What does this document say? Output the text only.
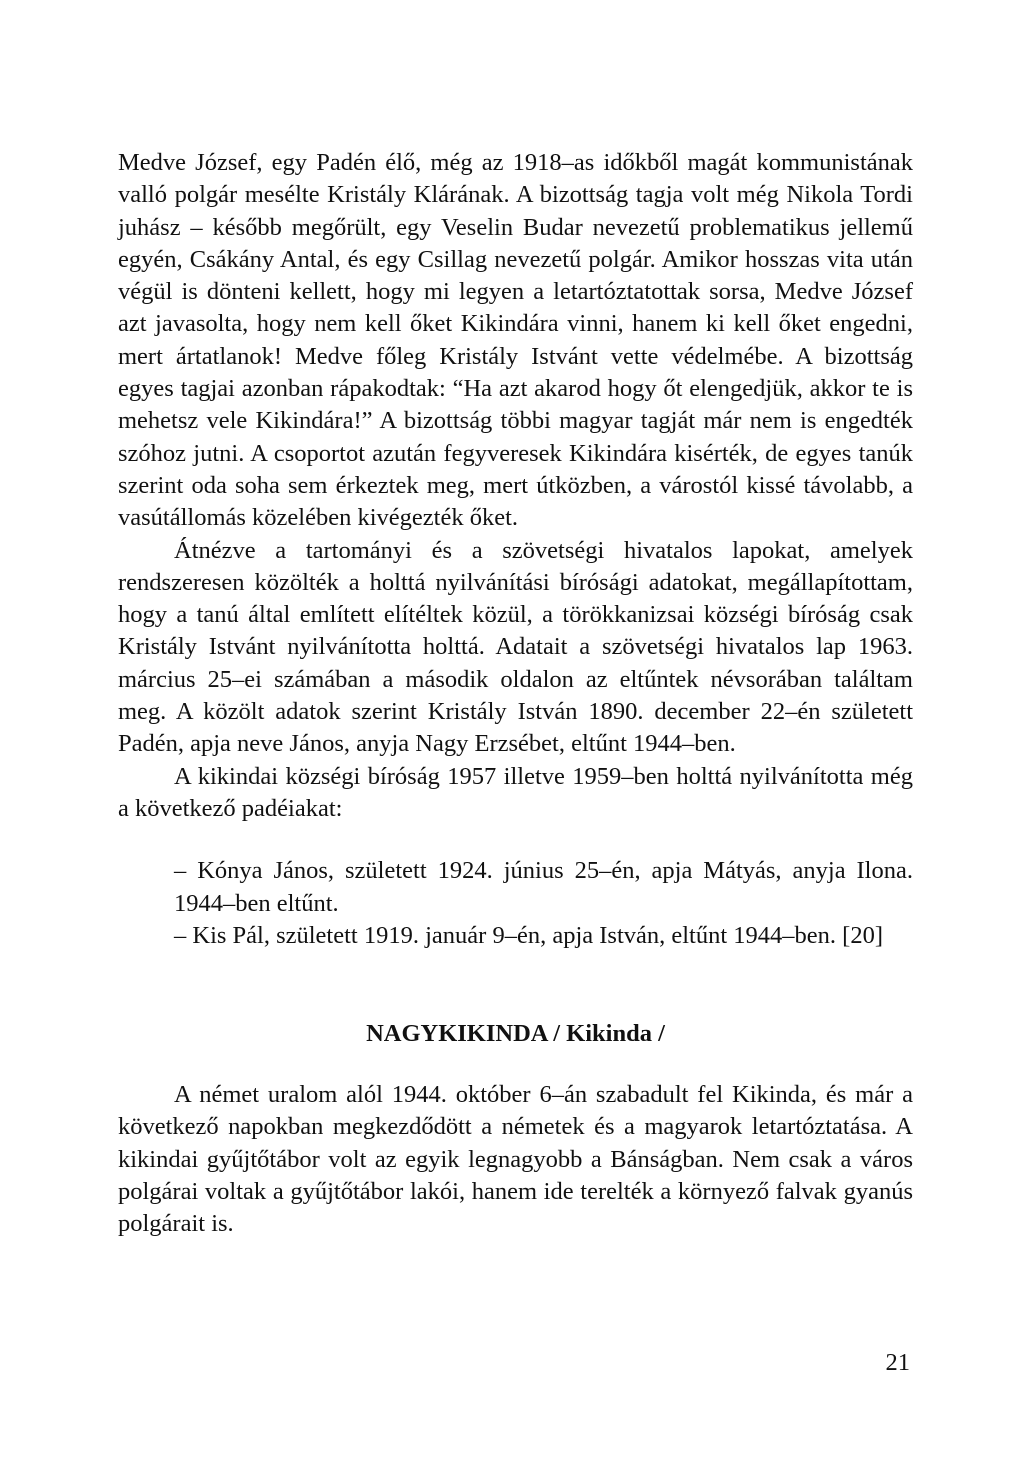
Medve József, egy Padén élő, még az 1918–as időkből magát kommunistának valló polgár mesélte Kristály Klárának. A bizottság tagja volt még Nikola Tordi juhász – később megőrült, egy Veselin Budar nevezetű problematikus jellemű egyén, Csákány Antal, és egy Csillag nevezetű polgár. Amikor hosszas vita után végül is dönteni kellett, hogy mi legyen a letartóztatottak sorsa, Medve József azt javasolta, hogy nem kell őket Kikindára vinni, hanem ki kell őket engedni, mert ártatlanok! Medve főleg Kristály Istvánt vette védelmébe. A bizottság egyes tagjai azonban rápakodtak: “Ha azt akarod hogy őt elengedjük, akkor te is mehetsz vele Kikindára!” A bizottság többi magyar tagját már nem is engedték szóhoz jutni. A csoportot azután fegyveresek Kikindára kisérték, de egyes tanúk szerint oda soha sem érkeztek meg, mert útközben, a várostól kissé távolabb, a vasútállomás közelében kivégezték őket.

Átnézve a tartományi és a szövetségi hivatalos lapokat, amelyek rendszeresen közölték a holttá nyilvánítási bírósági adatokat, megállapítottam, hogy a tanú által említett elítéltek közül, a törökkanizsai községi bíróság csak Kristály Istvánt nyilvánította holttá. Adatait a szövetségi hivatalos lap 1963. március 25–ei számában a második oldalon az eltűntek névsorában találtam meg. A közölt adatok szerint Kristály István 1890. december 22–én született Padén, apja neve János, anyja Nagy Erzsébet, eltűnt 1944–ben.

A kikindai községi bíróság 1957 illetve 1959–ben holttá nyilvánította még a következő padéiakat:

– Kónya János, született 1924. június 25–én, apja Mátyás, anyja Ilona. 1944–ben eltűnt.

– Kis Pál, született 1919. január 9–én, apja István, eltűnt 1944–ben. [20]

NAGYKIKINDA / Kikinda /

A német uralom alól 1944. október 6–án szabadult fel Kikinda, és már a következő napokban megkezdődött a németek és a magyarok letartóztatása. A kikindai gyűjtőtábor volt az egyik legnagyobb a Bánságban. Nem csak a város polgárai voltak a gyűjtőtábor lakói, hanem ide terelték a környező falvak gyanús polgárait is.

21
